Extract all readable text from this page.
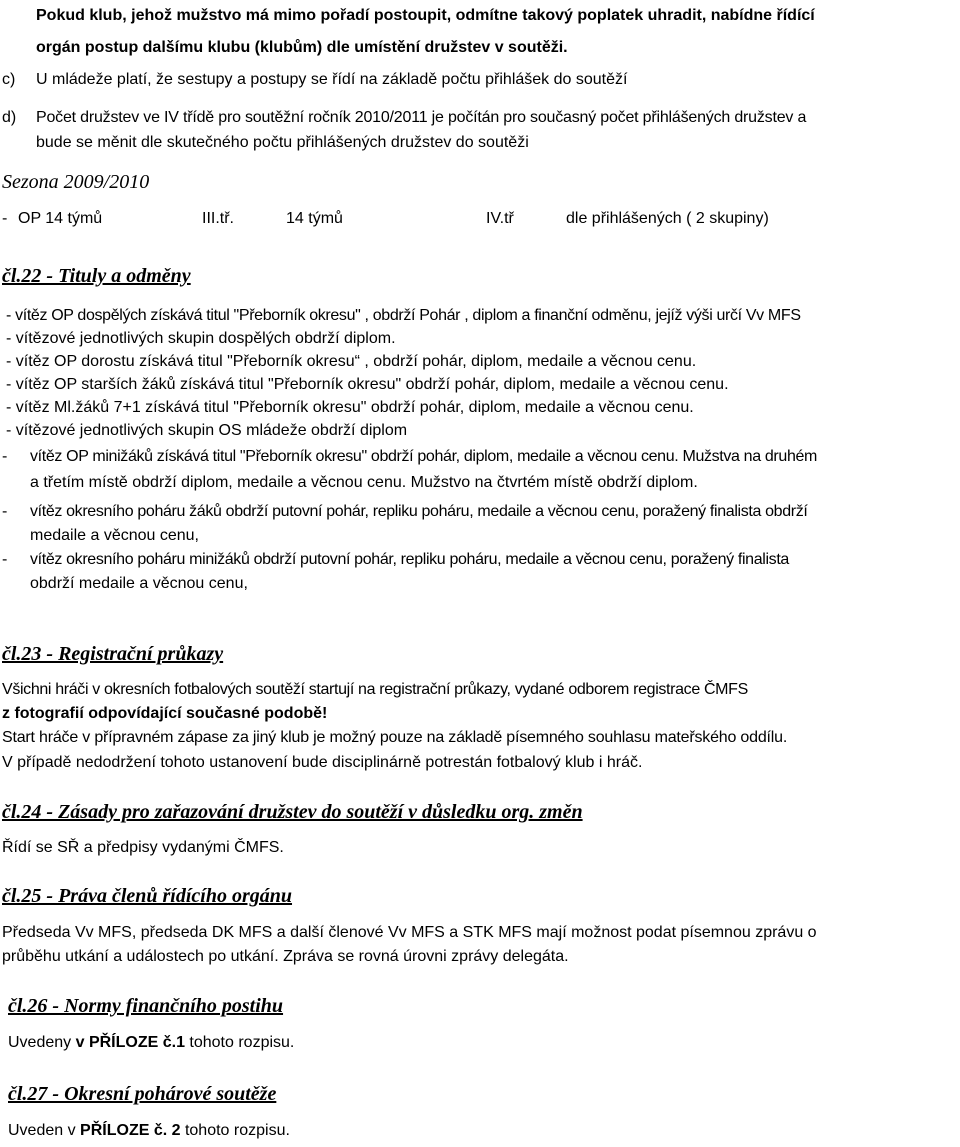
Pokud klub, jehož mužstvo má mimo pořadí postoupit, odmítne takový poplatek uhradit, nabídne řídící

orgán postup dalšímu klubu (klubům) dle umístění družstev v soutěži.

c) U mládeže platí, že sestupy a postupy se řídí na základě počtu přihlášek do soutěží
d) Počet družstev ve IV třídě pro soutěžní ročník 2010/2011 je počítán pro současný počet přihlášených družstev a
bude se měnit dle skutečného počtu přihlášených družstev do soutěži

Sezona 2009/2010

- OP 14 týmů	III.tř.	14 týmů	IV.tř	dle přihlášených ( 2 skupiny)

čl.22 - Tituly a odměny

- vítěz OP dospělých získává titul "Přeborník okresu" , obdrží Pohár , diplom a finanční odměnu, jejíž výši určí Vv MFS

- vítězové jednotlivých skupin dospělých obdrží diplom.

- vítěz OP dorostu získává titul "Přeborník okresu“ , obdrží pohár, diplom, medaile a věcnou cenu.

- vítěz OP starších žáků získává titul "Přeborník okresu" obdrží pohár, diplom, medaile a věcnou cenu.

- vítěz Ml.žáků 7+1 získává titul "Přeborník okresu" obdrží pohár, diplom, medaile a věcnou cenu.

- vítězové jednotlivých skupin OS mládeže obdrží diplom

- vítěz OP minižáků získává titul "Přeborník okresu" obdrží pohár, diplom, medaile a věcnou cenu. Mužstva na druhém
a třetím místě obdrží diplom, medaile a věcnou cenu. Mužstvo na čtvrtém místě obdrží diplom.
- vítěz okresního poháru žáků obdrží putovní pohár, repliku poháru, medaile a věcnou cenu, poražený finalista obdrží
medaile a věcnou cenu,
- vítěz okresního poháru minižáků obdrží putovní pohár, repliku poháru, medaile a věcnou cenu, poražený finalista
obdrží medaile a věcnou cenu,

čl.23 - Registrační průkazy

Všichni hráči v okresních fotbalových soutěží startují na registrační průkazy, vydané odborem registrace ČMFS

z fotografií odpovídající současné podobě!

Start hráče v přípravném zápase za jiný klub je možný pouze na základě písemného souhlasu mateřského oddílu.

V případě nedodržení tohoto ustanovení bude disciplinárně potrestán fotbalový klub i hráč.

čl.24 - Zásady pro zařazování družstev do soutěží v důsledku org. změn

Řídí se SŘ a předpisy vydanými ČMFS.

čl.25 - Práva členů řídícího orgánu

Předseda Vv MFS, předseda DK MFS a další členové Vv MFS a STK MFS mají možnost podat písemnou zprávu o

průběhu utkání a událostech po utkání. Zpráva se rovná úrovni zprávy delegáta.

čl.26 - Normy finančního postihu

Uvedeny v PŘÍLOZE č.1 tohoto rozpisu.

čl.27 - Okresní pohárové soutěže

Uveden v PŘÍLOZE č. 2 tohoto rozpisu.
